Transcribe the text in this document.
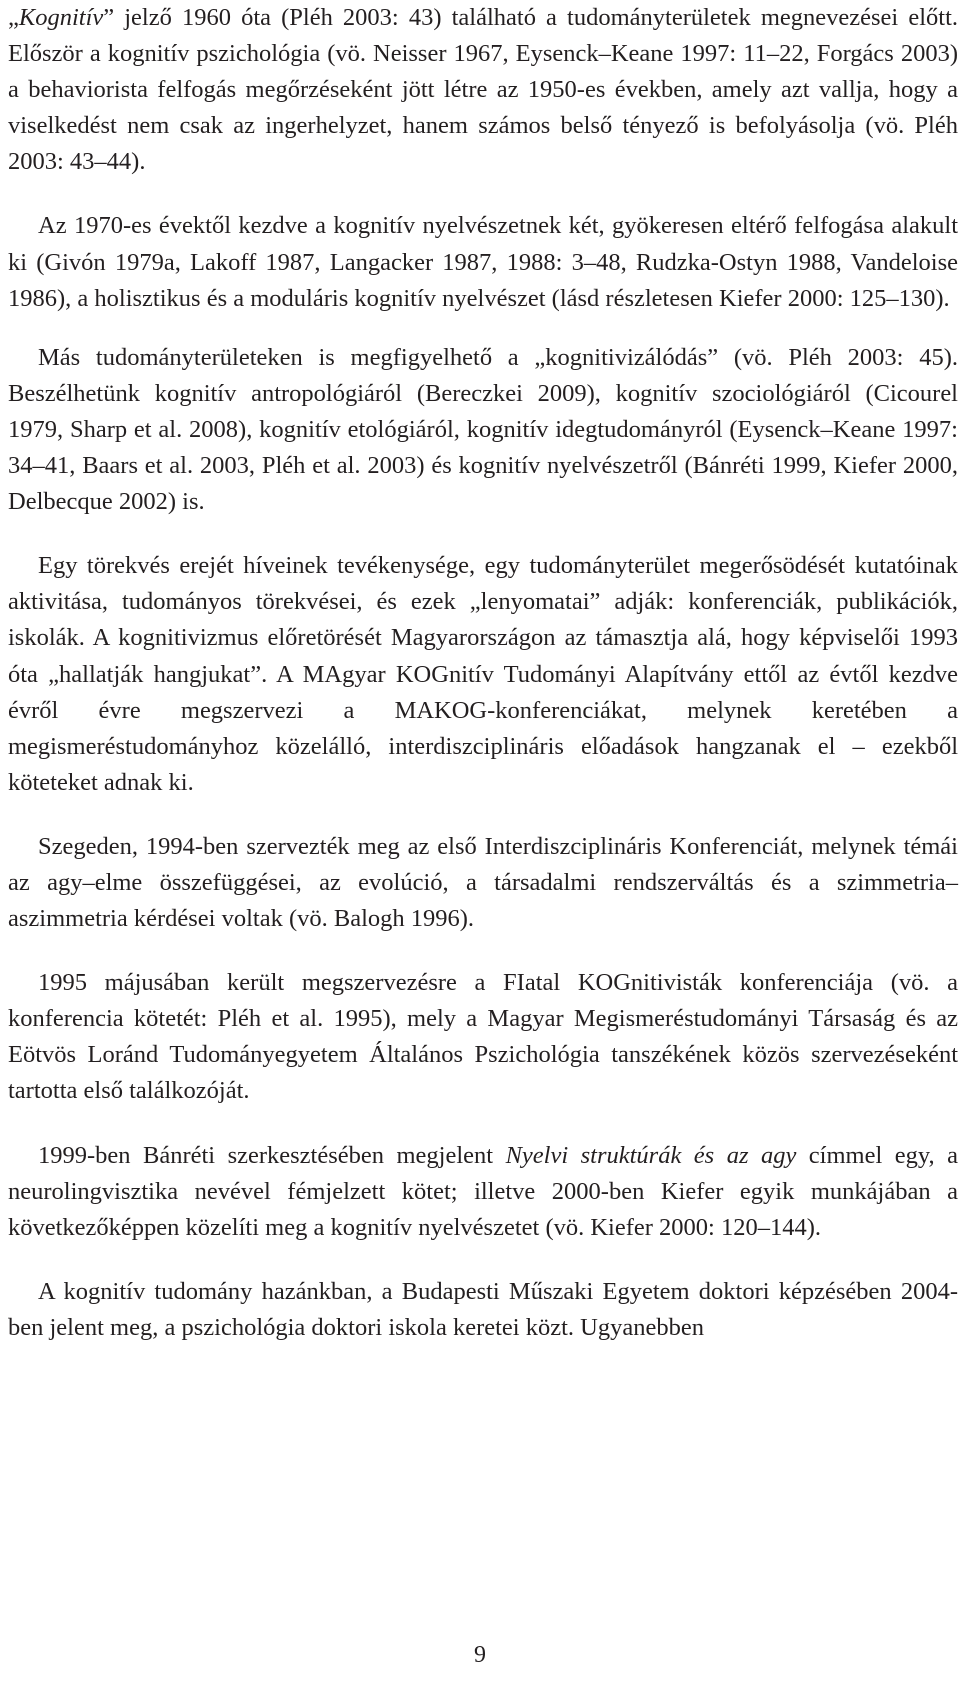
„Kognitív” jelző 1960 óta (Pléh 2003: 43) található a tudományterületek megnevezései előtt. Először a kognitív pszichológia (vö. Neisser 1967, Eysenck–Keane 1997: 11–22, Forgács 2003) a behaviorista felfogás megőrzéseként jött létre az 1950-es években, amely azt vallja, hogy a viselkedést nem csak az ingerhelyzet, hanem számos belső tényező is befolyásolja (vö. Pléh 2003: 43–44).

Az 1970-es évektől kezdve a kognitív nyelvészetnek két, gyökeresen eltérő felfogása alakult ki (Givón 1979a, Lakoff 1987, Langacker 1987, 1988: 3–48, Rudzka-Ostyn 1988, Vandeloise 1986), a holisztikus és a moduláris kognitív nyelvészet (lásd részletesen Kiefer 2000: 125–130).

Más tudományterületeken is megfigyelhető a „kognitivizálódás” (vö. Pléh 2003: 45). Beszélhetünk kognitív antropológiáról (Bereczkei 2009), kognitív szociológiáról (Cicourel 1979, Sharp et al. 2008), kognitív etológiáról, kognitív idegtudományról (Eysenck–Keane 1997: 34–41, Baars et al. 2003, Pléh et al. 2003) és kognitív nyelvészetről (Bánréti 1999, Kiefer 2000, Delbecque 2002) is.

Egy törekvés erejét híveinek tevékenysége, egy tudományterület megerősödését kutatóinak aktivitása, tudományos törekvései, és ezek „lenyomatai” adják: konferenciák, publikációk, iskolák. A kognitivizmus előretörését Magyarországon az támasztja alá, hogy képviselői 1993 óta „hallatják hangjukat”. A MAgyar KOGnitív Tudományi Alapítvány ettől az évtől kezdve évről évre megszervezi a MAKOG-konferenciákat, melynek keretében a megismeréstudományhoz közelálló, interdiszciplináris előadások hangzanak el – ezekből köteteket adnak ki.

Szegeden, 1994-ben szervezték meg az első Interdiszciplináris Konferenciát, melynek témái az agy–elme összefüggései, az evolúció, a társadalmi rendszerváltás és a szimmetria–aszimmetria kérdései voltak (vö. Balogh 1996).

1995 májusában került megszervezésre a FIatal KOGnitivisták konferenciája (vö. a konferencia kötetét: Pléh et al. 1995), mely a Magyar Megismeréstudományi Társaság és az Eötvös Loránd Tudományegyetem Általános Pszichológia tanszékének közös szervezéseként tartotta első találkozóját.

1999-ben Bánréti szerkesztésében megjelent Nyelvi struktúrák és az agy címmel egy, a neurolingvisztika nevével fémjelzett kötet; illetve 2000-ben Kiefer egyik munkájában a következőképpen közelíti meg a kognitív nyelvészetet (vö. Kiefer 2000: 120–144).

A kognitív tudomány hazánkban, a Budapesti Műszaki Egyetem doktori képzésében 2004-ben jelent meg, a pszichológia doktori iskola keretei közt. Ugyanebben

9
